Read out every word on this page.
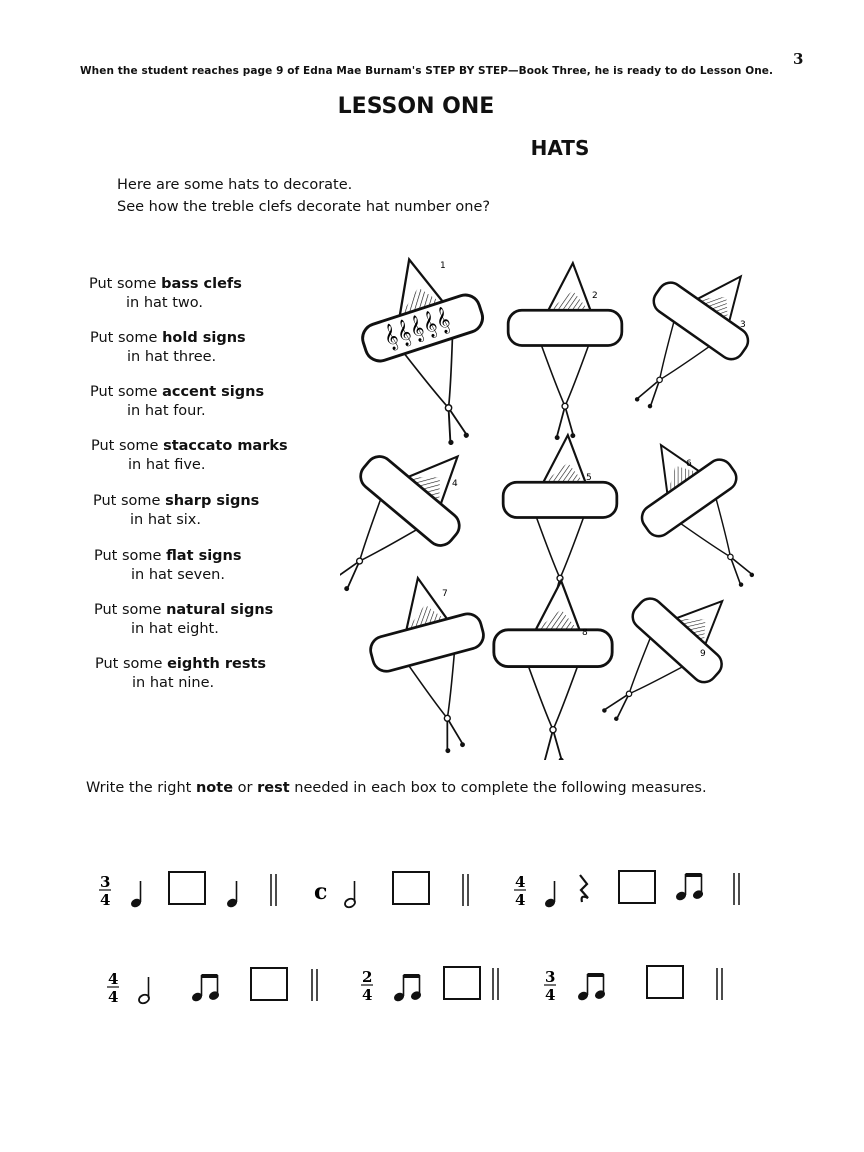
3
When the student reaches page 9 of Edna Mae Burnam's STEP BY STEP—Book Three, he is ready to do Lesson One.
LESSON ONE
HATS
Here are some hats to decorate.
See how the treble clefs decorate hat number one?
Put some bass clefs
in hat two.
Put some hold signs
in hat three.
Put some accent signs
in hat four.
Put some staccato marks
in hat five.
Put some sharp signs
in hat six.
Put some flat signs
in hat seven.
Put some natural signs
in hat eight.
Put some eighth rests
in hat nine.
𝄞𝄞𝄞𝄞𝄞
1
2
3
4
5
6
7
8
9
Write the right note or rest needed in each box to complete the following measures.
3
4	c	4
4
4
4
2
4
3
4
